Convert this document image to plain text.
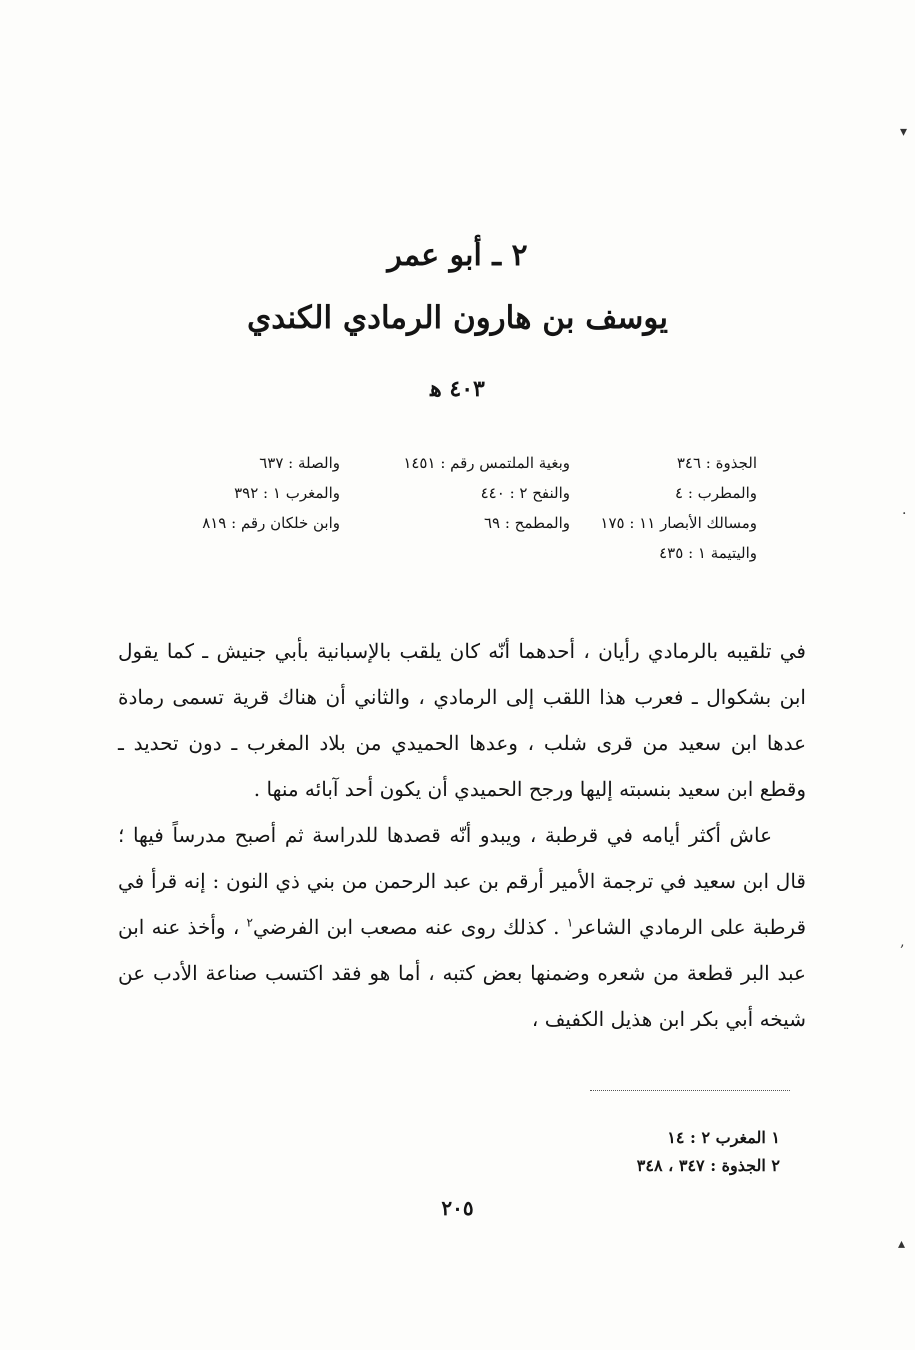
٢ ـ أبو عمر
يوسف بن هارون الرمادي الكندي
٤٠٣ ﻫ
الجذوة : ٣٤٦
وبغية الملتمس رقم : ١٤٥١
والصلة : ٦٣٧
والمطرب : ٤
والنفح ٢ : ٤٤٠
والمغرب ١ : ٣٩٢
ومسالك الأبصار ١١ : ١٧٥
والمطمح : ٦٩
وابن خلكان رقم : ٨١٩
واليتيمة ١ : ٤٣٥

في تلقيبه بالرمادي رأيان ، أحدهما أنّه كان يلقب بالإسبانية بأبي جنيش ـ كما يقول ابن بشكوال ـ فعرب هذا اللقب إلى الرمادي ، والثاني أن هناك قرية تسمى رمادة عدها ابن سعيد من قرى شلب ، وعدها الحميدي من بلاد المغرب ـ دون تحديد ـ وقطع ابن سعيد بنسبته إليها ورجح الحميدي أن يكون أحد آبائه منها .

عاش أكثر أيامه في قرطبة ، ويبدو أنّه قصدها للدراسة ثم أصبح مدرساً فيها ؛ قال ابن سعيد في ترجمة الأمير أرقم بن عبد الرحمن من بني ذي النون : إنه قرأ في قرطبة على الرمادي الشاعر$^١$ . كذلك روى عنه مصعب ابن الفرضي$^٢$ ، وأخذ عنه ابن عبد البر قطعة من شعره وضمنها بعض كتبه ، أما هو فقد اكتسب صناعة الأدب عن شيخه أبي بكر ابن هذيل الكفيف ،

١ المغرب ٢ : ١٤
٢ الجذوة : ٣٤٧ ، ٣٤٨
٢٠٥
▾
·
‚
▴
